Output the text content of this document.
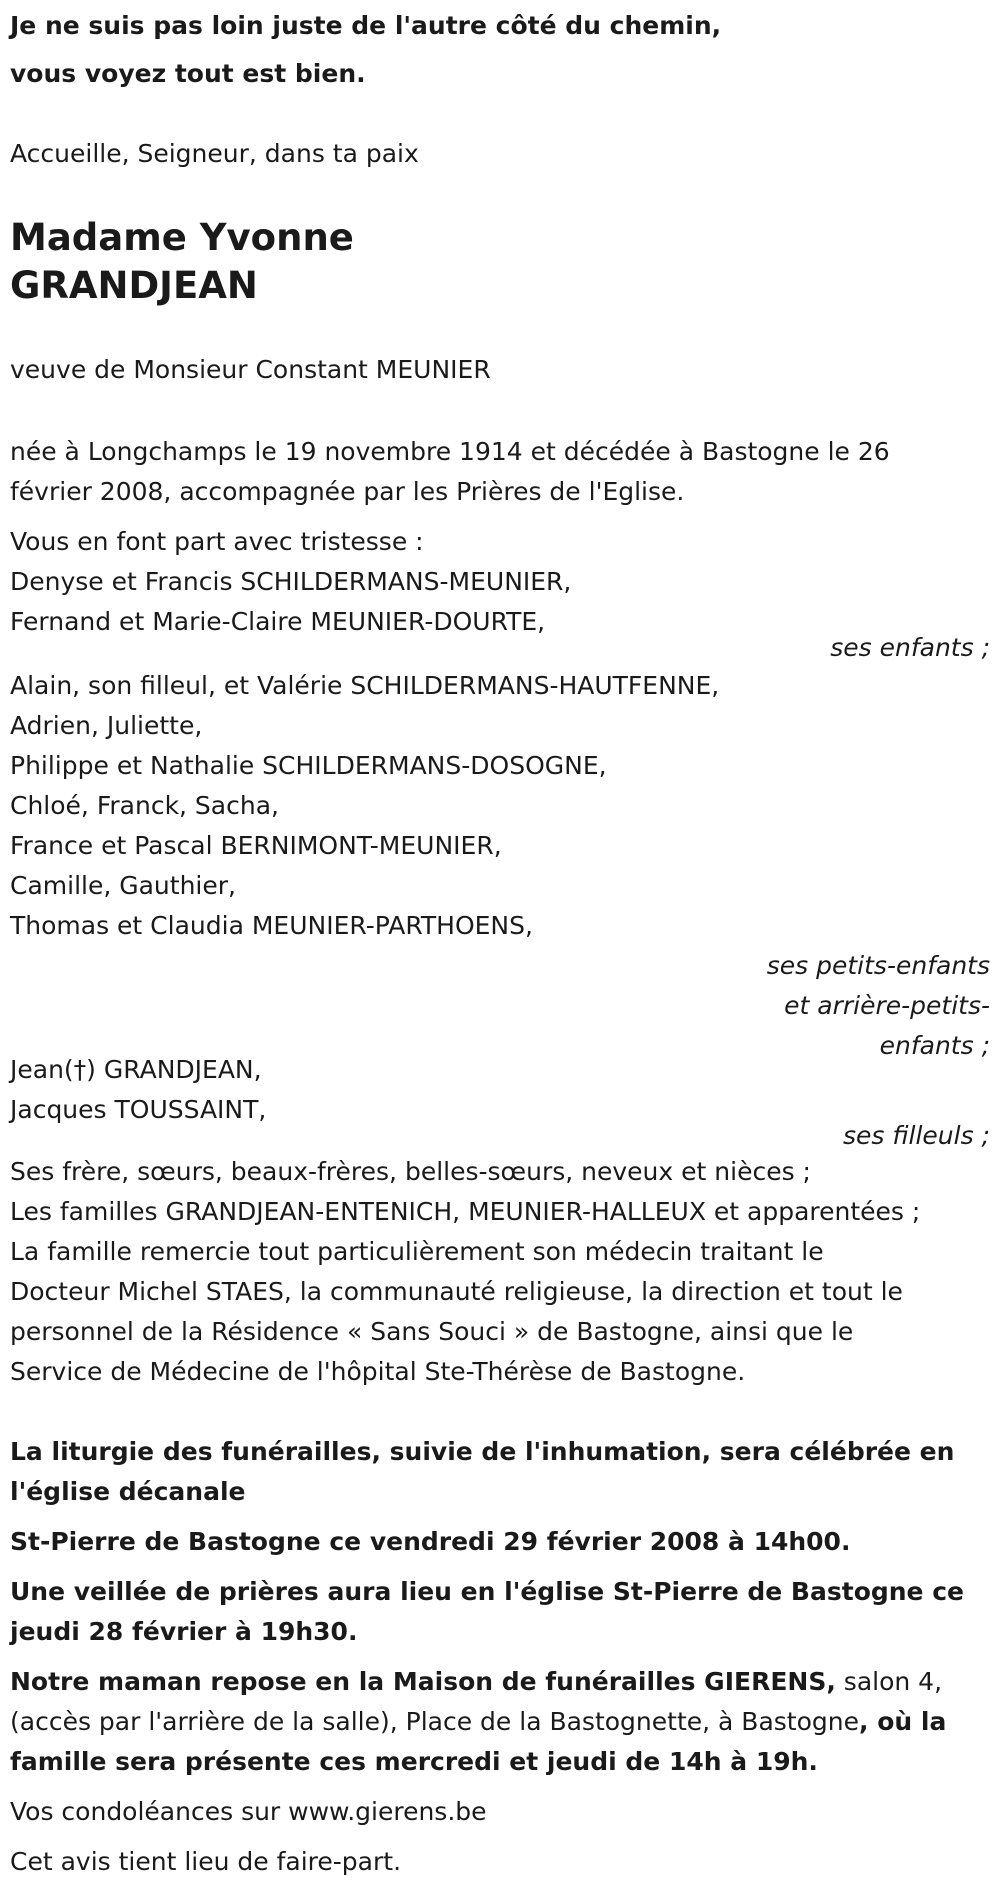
Je ne suis pas loin juste de l'autre côté du chemin,

vous voyez tout est bien.

Accueille, Seigneur, dans ta paix

Madame Yvonne

GRANDJEAN

veuve de Monsieur Constant MEUNIER

née à Longchamps le 19 novembre 1914 et décédée à Bastogne le 26

février 2008, accompagnée par les Prières de l'Eglise.

Vous en font part avec tristesse :

Denyse et Francis SCHILDERMANS-MEUNIER,

Fernand et Marie-Claire MEUNIER-DOURTE,

ses enfants ;

Alain, son filleul, et Valérie SCHILDERMANS-HAUTFENNE,

Adrien, Juliette,

Philippe et Nathalie SCHILDERMANS-DOSOGNE,

Chloé, Franck, Sacha,

France et Pascal BERNIMONT-MEUNIER,

Camille, Gauthier,

Thomas et Claudia MEUNIER-PARTHOENS,

ses petits-enfants

et arrière-petits-

enfants ;

Jean(†) GRANDJEAN,

Jacques TOUSSAINT,

ses filleuls ;

Ses frère, sœurs, beaux-frères, belles-sœurs, neveux et nièces ;

Les familles GRANDJEAN-ENTENICH, MEUNIER-HALLEUX et apparentées ;

La famille remercie tout particulièrement son médecin traitant le

Docteur Michel STAES, la communauté religieuse, la direction et tout le

personnel de la Résidence « Sans Souci » de Bastogne, ainsi que le

Service de Médecine de l'hôpital Ste-Thérèse de Bastogne.

La liturgie des funérailles, suivie de l'inhumation, sera célébrée en

l'église décanale

St-Pierre de Bastogne ce vendredi 29 février 2008 à 14h00.

Une veillée de prières aura lieu en l'église St-Pierre de Bastogne ce

jeudi 28 février à 19h30.

Notre maman repose en la Maison de funérailles GIERENS, salon 4,

(accès par l'arrière de la salle), Place de la Bastognette, à Bastogne, où la

famille sera présente ces mercredi et jeudi de 14h à 19h.

Vos condoléances sur www.gierens.be

Cet avis tient lieu de faire-part.
